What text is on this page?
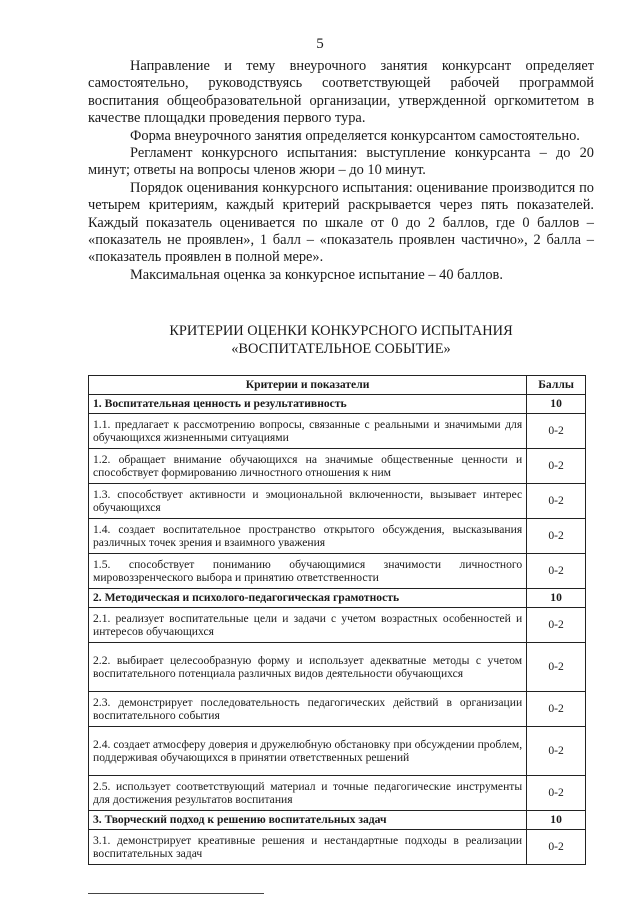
5

Направление и тему внеурочного занятия конкурсант определяет самостоятельно, руководствуясь соответствующей рабочей программой воспитания общеобразовательной организации, утвержденной оргкомитетом в качестве площадки проведения первого тура.

Форма внеурочного занятия определяется конкурсантом самостоятельно.

Регламент конкурсного испытания: выступление конкурсанта – до 20 минут; ответы на вопросы членов жюри – до 10 минут.

Порядок оценивания конкурсного испытания: оценивание производится по четырем критериям, каждый критерий раскрывается через пять показателей. Каждый показатель оценивается по шкале от 0 до 2 баллов, где 0 баллов – «показатель не проявлен», 1 балл – «показатель проявлен частично», 2 балла – «показатель проявлен в полной мере».

Максимальная оценка за конкурсное испытание – 40 баллов.

КРИТЕРИИ ОЦЕНКИ КОНКУРСНОГО ИСПЫТАНИЯ
«ВОСПИТАТЕЛЬНОЕ СОБЫТИЕ»
Критерии и показатели	Баллы
1. Воспитательная ценность и результативность	10
1.1. предлагает к рассмотрению вопросы, связанные с реальными и значимыми для обучающихся жизненными ситуациями	0-2
1.2. обращает внимание обучающихся на значимые общественные ценности и способствует формированию личностного отношения к ним	0-2
1.3. способствует активности и эмоциональной включенности, вызывает интерес обучающихся	0-2
1.4. создает воспитательное пространство открытого обсуждения, высказывания различных точек зрения и взаимного уважения	0-2
1.5. способствует пониманию обучающимися значимости личностного мировоззренческого выбора и принятию ответственности	0-2
2. Методическая и психолого-педагогическая грамотность	10
2.1. реализует воспитательные цели и задачи с учетом возрастных особенностей и интересов обучающихся	0-2
2.2. выбирает целесообразную форму и использует адекватные методы с учетом воспитательного потенциала различных видов деятельности обучающихся	0-2
2.3. демонстрирует последовательность педагогических действий в организации воспитательного события	0-2
2.4. создает атмосферу доверия и дружелюбную обстановку при обсуждении проблем, поддерживая обучающихся в принятии ответственных решений	0-2
2.5. использует соответствующий материал и точные педагогические инструменты для достижения результатов воспитания	0-2
3. Творческий подход к решению воспитательных задач	10
3.1. демонстрирует креативные решения и нестандартные подходы в реализации воспитательных задач	0-2
